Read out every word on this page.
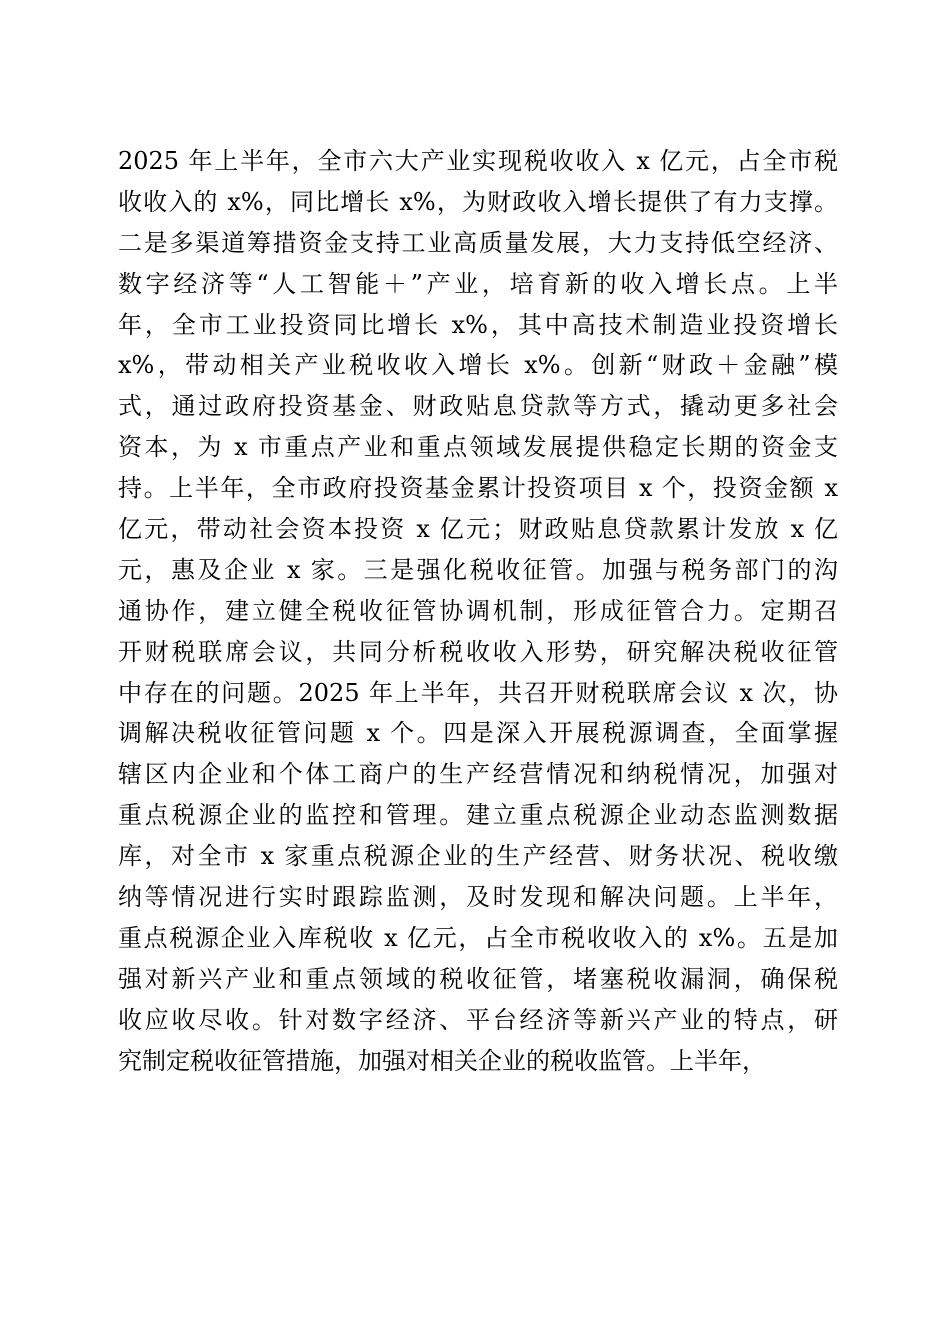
2025 年上半年，全市六大产业实现税收收入 x 亿元，占全市税
收收入的 x%，同比增长 x%，为财政收入增长提供了有力支撑。
二是多渠道筹措资金支持工业高质量发展，大力支持低空经济、
数字经济等“人工智能＋”产业，培育新的收入增长点。上半
年，全市工业投资同比增长 x%，其中高技术制造业投资增长
x%，带动相关产业税收收入增长 x%。创新“财政＋金融”模
式，通过政府投资基金、财政贴息贷款等方式，撬动更多社会
资本，为 x 市重点产业和重点领域发展提供稳定长期的资金支
持。上半年，全市政府投资基金累计投资项目 x 个，投资金额 x
亿元，带动社会资本投资 x 亿元；财政贴息贷款累计发放 x 亿
元，惠及企业 x 家。三是强化税收征管。加强与税务部门的沟
通协作，建立健全税收征管协调机制，形成征管合力。定期召
开财税联席会议，共同分析税收收入形势，研究解决税收征管
中存在的问题。2025 年上半年，共召开财税联席会议 x 次，协
调解决税收征管问题 x 个。四是深入开展税源调查，全面掌握
辖区内企业和个体工商户的生产经营情况和纳税情况，加强对
重点税源企业的监控和管理。建立重点税源企业动态监测数据
库，对全市 x 家重点税源企业的生产经营、财务状况、税收缴
纳等情况进行实时跟踪监测，及时发现和解决问题。上半年，
重点税源企业入库税收 x 亿元，占全市税收收入的 x%。五是加
强对新兴产业和重点领域的税收征管，堵塞税收漏洞，确保税
收应收尽收。针对数字经济、平台经济等新兴产业的特点，研
究制定税收征管措施，加强对相关企业的税收监管。上半年，
